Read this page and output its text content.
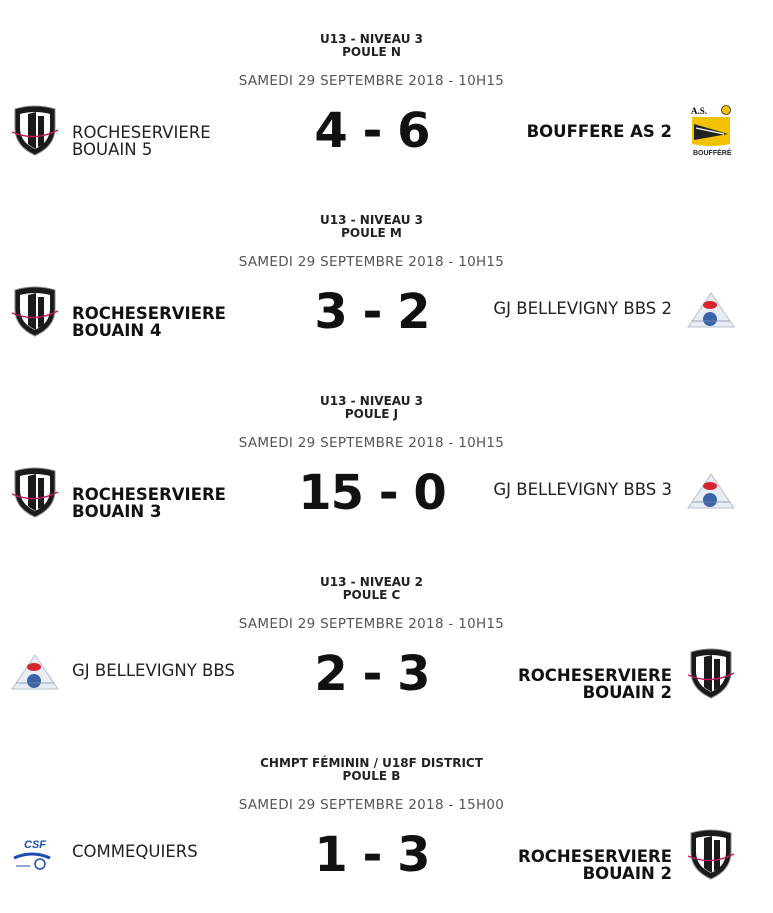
U13 - NIVEAU 3
POULE N
SAMEDI 29 SEPTEMBRE 2018 - 10H15
ROCHESERVIERE
BOUAIN 5	4 - 6	BOUFFERE AS 2
A.S.
BOUFFÉRÉ
U13 - NIVEAU 3
POULE M
SAMEDI 29 SEPTEMBRE 2018 - 10H15
ROCHESERVIERE
BOUAIN 4	3 - 2	GJ BELLEVIGNY BBS 2
U13 - NIVEAU 3
POULE J
SAMEDI 29 SEPTEMBRE 2018 - 10H15
ROCHESERVIERE
BOUAIN 3	15 - 0	GJ BELLEVIGNY BBS 3
U13 - NIVEAU 2
POULE C
SAMEDI 29 SEPTEMBRE 2018 - 10H15
GJ BELLEVIGNY BBS	2 - 3	ROCHESERVIERE
BOUAIN 2
CHMPT FÉMININ / U18F DISTRICT
POULE B
SAMEDI 29 SEPTEMBRE 2018 - 15H00
CSF COMMEQUIERS	1 - 3	ROCHESERVIERE
BOUAIN 2
